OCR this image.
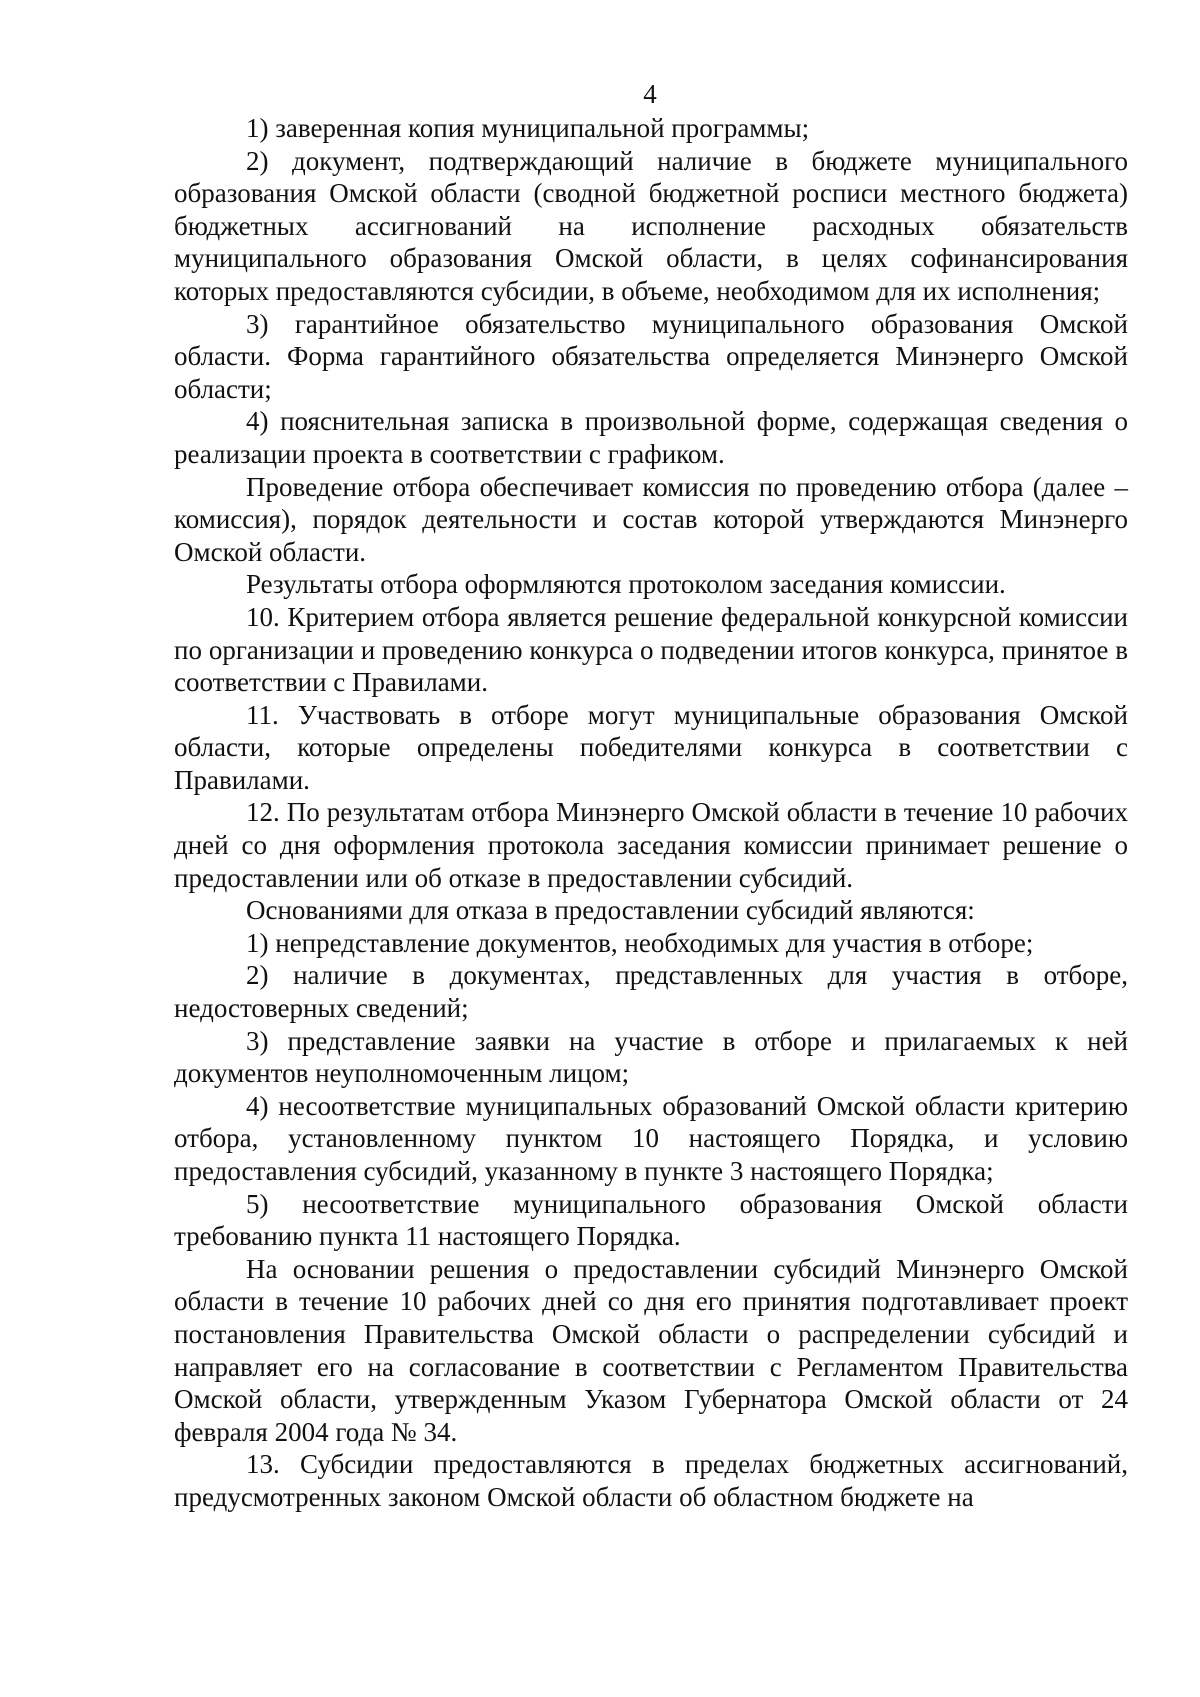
4

1) заверенная копия муниципальной программы;

2) документ, подтверждающий наличие в бюджете муниципального образования Омской области (сводной бюджетной росписи местного бюджета) бюджетных ассигнований на исполнение расходных обязательств муниципального образования Омской области, в целях софинансирования которых предоставляются субсидии, в объеме, необходимом для их исполнения;

3) гарантийное обязательство муниципального образования Омской области. Форма гарантийного обязательства определяется Минэнерго Омской области;

4) пояснительная записка в произвольной форме, содержащая сведения о реализации проекта в соответствии с графиком.

Проведение отбора обеспечивает комиссия по проведению отбора (далее – комиссия), порядок деятельности и состав которой утверждаются Минэнерго Омской области.

Результаты отбора оформляются протоколом заседания комиссии.

10. Критерием отбора является решение федеральной конкурсной комиссии по организации и проведению конкурса о подведении итогов конкурса, принятое в соответствии с Правилами.

11. Участвовать в отборе могут муниципальные образования Омской области, которые определены победителями конкурса в соответствии с Правилами.

12. По результатам отбора Минэнерго Омской области в течение 10 рабочих дней со дня оформления протокола заседания комиссии принимает решение о предоставлении или об отказе в предоставлении субсидий.

Основаниями для отказа в предоставлении субсидий являются:

1) непредставление документов, необходимых для участия в отборе;

2) наличие в документах, представленных для участия в отборе, недостоверных сведений;

3) представление заявки на участие в отборе и прилагаемых к ней документов неуполномоченным лицом;

4) несоответствие муниципальных образований Омской области критерию отбора, установленному пунктом 10 настоящего Порядка, и условию предоставления субсидий, указанному в пункте 3 настоящего Порядка;

5) несоответствие муниципального образования Омской области требованию пункта 11 настоящего Порядка.

На основании решения о предоставлении субсидий Минэнерго Омской области в течение 10 рабочих дней со дня его принятия подготавливает проект постановления Правительства Омской области о распределении субсидий и направляет его на согласование в соответствии с Регламентом Правительства Омской области, утвержденным Указом Губернатора Омской области от 24 февраля 2004 года № 34.

13. Субсидии предоставляются в пределах бюджетных ассигнований, предусмотренных законом Омской области об областном бюджете на
